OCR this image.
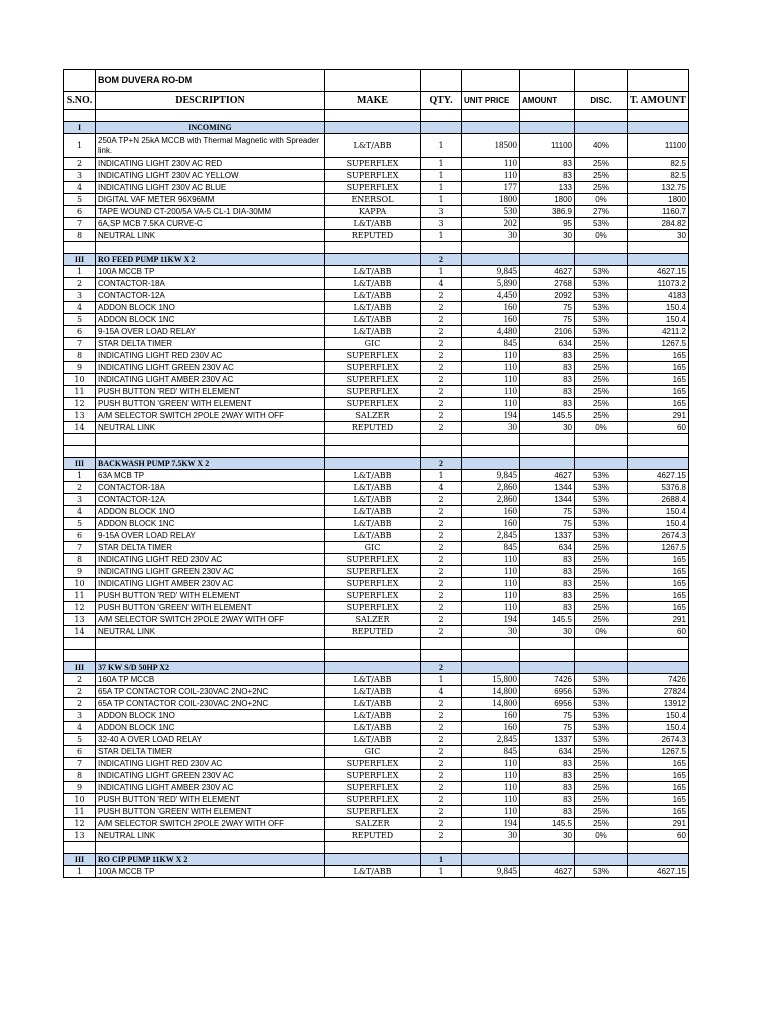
	BOM DUVERA RO-DM						
S.NO.	DESCRIPTION	MAKE	QTY.	UNIT PRICE	AMOUNT	DISC.	T. AMOUNT

I	INCOMING						
1	250A TP+N 25kA MCCB with Thermal Magnetic with Spreader link.	L&T/ABB	1	18500	11100	40%	11100
2	INDICATING LIGHT 230V AC RED	SUPERFLEX	1	110	83	25%	82.5
3	INDICATING LIGHT 230V AC YELLOW	SUPERFLEX	1	110	83	25%	82.5
4	INDICATING LIGHT 230V AC BLUE	SUPERFLEX	1	177	133	25%	132.75
5	DIGITAL VAF METER 96X96MM	ENERSOL	1	1800	1800	0%	1800
6	TAPE WOUND CT-200/5A VA-5 CL-1 DIA-30MM	KAPPA	3	530	386.9	27%	1160.7
7	6A,SP MCB 7.5KA CURVE-C	L&T/ABB	3	202	95	53%	284.82
8	NEUTRAL LINK	REPUTED	1	30	30	0%	30

III	RO FEED PUMP 11KW X 2		2				
1	100A MCCB TP	L&T/ABB	1	9,845	4627	53%	4627.15
2	CONTACTOR-18A	L&T/ABB	4	5,890	2768	53%	11073.2
3	CONTACTOR-12A	L&T/ABB	2	4,450	2092	53%	4183
4	ADDON BLOCK 1NO	L&T/ABB	2	160	75	53%	150.4
5	ADDON BLOCK 1NC	L&T/ABB	2	160	75	53%	150.4
6	9-15A OVER LOAD RELAY	L&T/ABB	2	4,480	2106	53%	4211.2
7	STAR DELTA TIMER	GIC	2	845	634	25%	1267.5
8	INDICATING LIGHT RED 230V AC	SUPERFLEX	2	110	83	25%	165
9	INDICATING LIGHT GREEN 230V AC	SUPERFLEX	2	110	83	25%	165
10	INDICATING LIGHT AMBER 230V AC	SUPERFLEX	2	110	83	25%	165
11	PUSH BUTTON 'RED' WITH ELEMENT	SUPERFLEX	2	110	83	25%	165
12	PUSH BUTTON 'GREEN' WITH ELEMENT	SUPERFLEX	2	110	83	25%	165
13	A/M SELECTOR SWITCH 2POLE 2WAY WITH OFF	SALZER	2	194	145.5	25%	291
14	NEUTRAL LINK	REPUTED	2	30	30	0%	60

III	BACKWASH PUMP 7.5KW X 2		2				
1	63A MCB TP	L&T/ABB	1	9,845	4627	53%	4627.15
2	CONTACTOR-18A	L&T/ABB	4	2,860	1344	53%	5376.8
3	CONTACTOR-12A	L&T/ABB	2	2,860	1344	53%	2688.4
4	ADDON BLOCK 1NO	L&T/ABB	2	160	75	53%	150.4
5	ADDON BLOCK 1NC	L&T/ABB	2	160	75	53%	150.4
6	9-15A OVER LOAD RELAY	L&T/ABB	2	2,845	1337	53%	2674.3
7	STAR DELTA TIMER	GIC	2	845	634	25%	1267.5
8	INDICATING LIGHT RED 230V AC	SUPERFLEX	2	110	83	25%	165
9	INDICATING LIGHT GREEN 230V AC	SUPERFLEX	2	110	83	25%	165
10	INDICATING LIGHT AMBER 230V AC	SUPERFLEX	2	110	83	25%	165
11	PUSH BUTTON 'RED' WITH ELEMENT	SUPERFLEX	2	110	83	25%	165
12	PUSH BUTTON 'GREEN' WITH ELEMENT	SUPERFLEX	2	110	83	25%	165
13	A/M SELECTOR SWITCH 2POLE 2WAY WITH OFF	SALZER	2	194	145.5	25%	291
14	NEUTRAL LINK	REPUTED	2	30	30	0%	60

III	37 KW S/D 50HP X2		2				
2	160A TP MCCB	L&T/ABB	1	15,800	7426	53%	7426
2	65A TP CONTACTOR COIL-230VAC 2NO+2NC	L&T/ABB	4	14,800	6956	53%	27824
2	65A TP CONTACTOR COIL-230VAC 2NO+2NC	L&T/ABB	2	14,800	6956	53%	13912
3	ADDON BLOCK 1NO	L&T/ABB	2	160	75	53%	150.4
4	ADDON BLOCK 1NC	L&T/ABB	2	160	75	53%	150.4
5	32-40 A OVER LOAD RELAY	L&T/ABB	2	2,845	1337	53%	2674.3
6	STAR DELTA TIMER	GIC	2	845	634	25%	1267.5
7	INDICATING LIGHT RED 230V AC	SUPERFLEX	2	110	83	25%	165
8	INDICATING LIGHT GREEN 230V AC	SUPERFLEX	2	110	83	25%	165
9	INDICATING LIGHT AMBER 230V AC	SUPERFLEX	2	110	83	25%	165
10	PUSH BUTTON 'RED' WITH ELEMENT	SUPERFLEX	2	110	83	25%	165
11	PUSH BUTTON 'GREEN' WITH ELEMENT	SUPERFLEX	2	110	83	25%	165
12	A/M SELECTOR SWITCH 2POLE 2WAY WITH OFF	SALZER	2	194	145.5	25%	291
13	NEUTRAL LINK	REPUTED	2	30	30	0%	60

III	RO CIP PUMP 11KW X 2		1				
1	100A MCCB TP	L&T/ABB	1	9,845	4627	53%	4627.15
